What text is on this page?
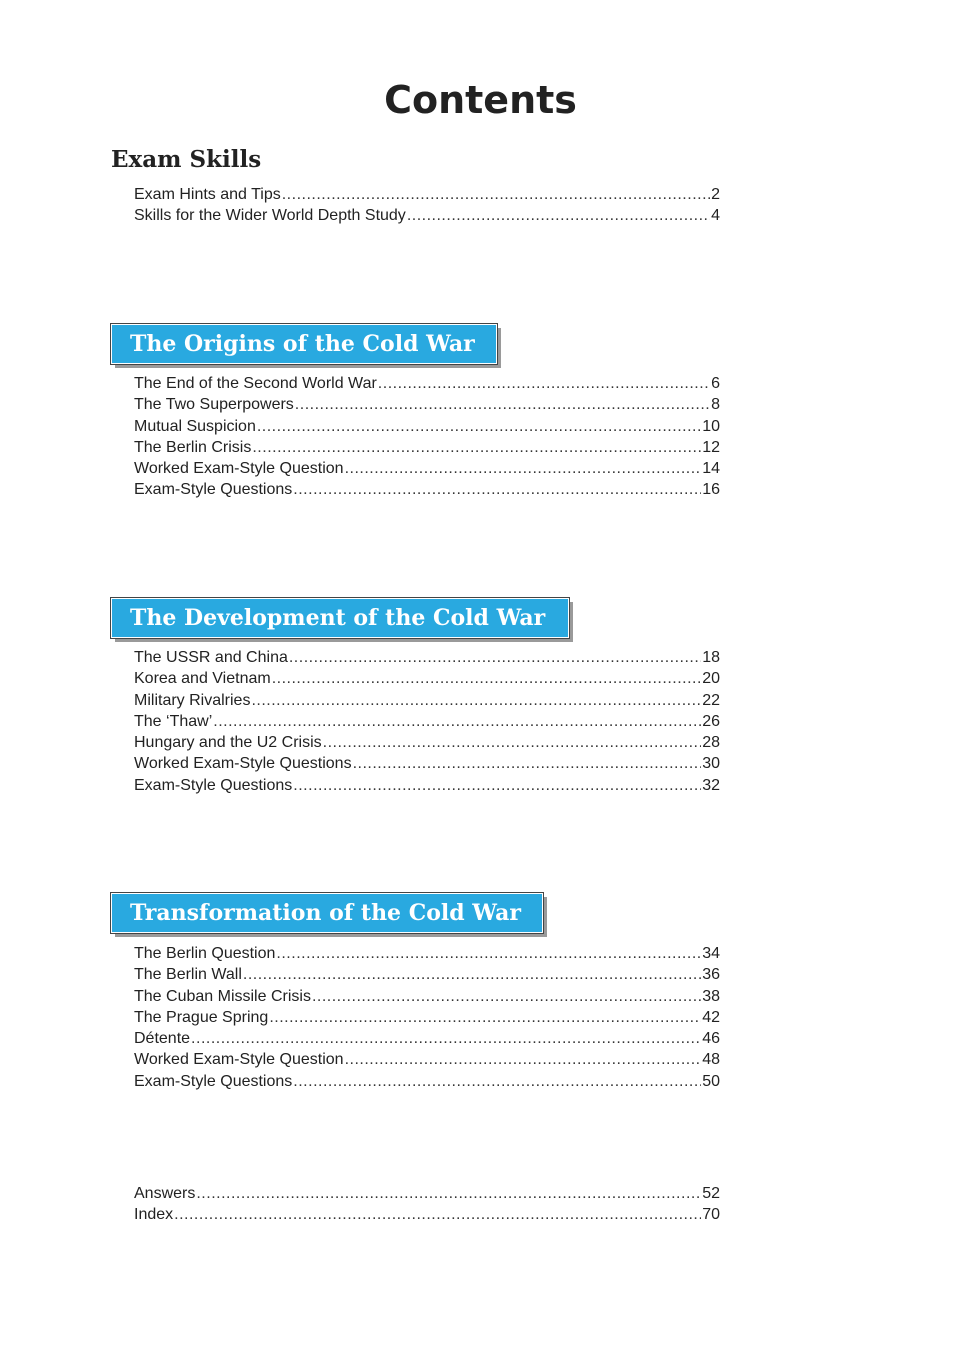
Contents
Exam Skills
Exam Hints and Tips .....	2
Skills for the Wider World Depth Study .....	4
The Origins of the Cold War
The End of the Second World War .....	6
The Two Superpowers .....	8
Mutual Suspicion .....	10
The Berlin Crisis .....	12
Worked Exam-Style Question .....	14
Exam-Style Questions .....	16
The Development of the Cold War
The USSR and China .....	18
Korea and Vietnam .....	20
Military Rivalries .....	22
The ‘Thaw’ .....	26
Hungary and the U2 Crisis .....	28
Worked Exam-Style Questions .....	30
Exam-Style Questions .....	32
Transformation of the Cold War
The Berlin Question .....	34
The Berlin Wall .....	36
The Cuban Missile Crisis .....	38
The Prague Spring .....	42
Détente .....	46
Worked Exam-Style Question .....	48
Exam-Style Questions .....	50
Answers .....	52
Index .....	70
